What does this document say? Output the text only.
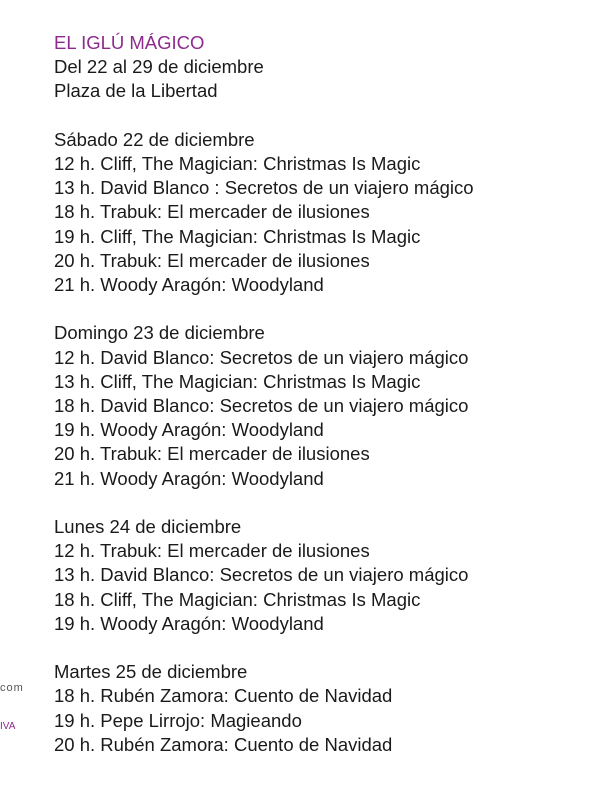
EL IGLÚ MÁGICO
Del 22 al 29 de diciembre
Plaza de la Libertad
Sábado 22 de diciembre
12 h. Cliff, The Magician: Christmas Is Magic
13 h. David Blanco : Secretos de un viajero mágico
18 h. Trabuk: El mercader de ilusiones
19 h. Cliff, The Magician: Christmas Is Magic
20 h. Trabuk: El mercader de ilusiones
21 h. Woody Aragón: Woodyland
Domingo 23 de diciembre
12 h. David Blanco: Secretos de un viajero mágico
13 h. Cliff, The Magician: Christmas Is Magic
18 h. David Blanco: Secretos de un viajero mágico
19 h. Woody Aragón: Woodyland
20 h. Trabuk: El mercader de ilusiones
21 h. Woody Aragón: Woodyland
Lunes 24 de diciembre
12 h. Trabuk: El mercader de ilusiones
13 h. David Blanco: Secretos de un viajero mágico
18 h. Cliff, The Magician: Christmas Is Magic
19 h. Woody Aragón: Woodyland
Martes 25 de diciembre
18 h. Rubén Zamora: Cuento de Navidad
19 h. Pepe Lirrojo: Magieando
20 h. Rubén Zamora: Cuento de Navidad
com
IVA
